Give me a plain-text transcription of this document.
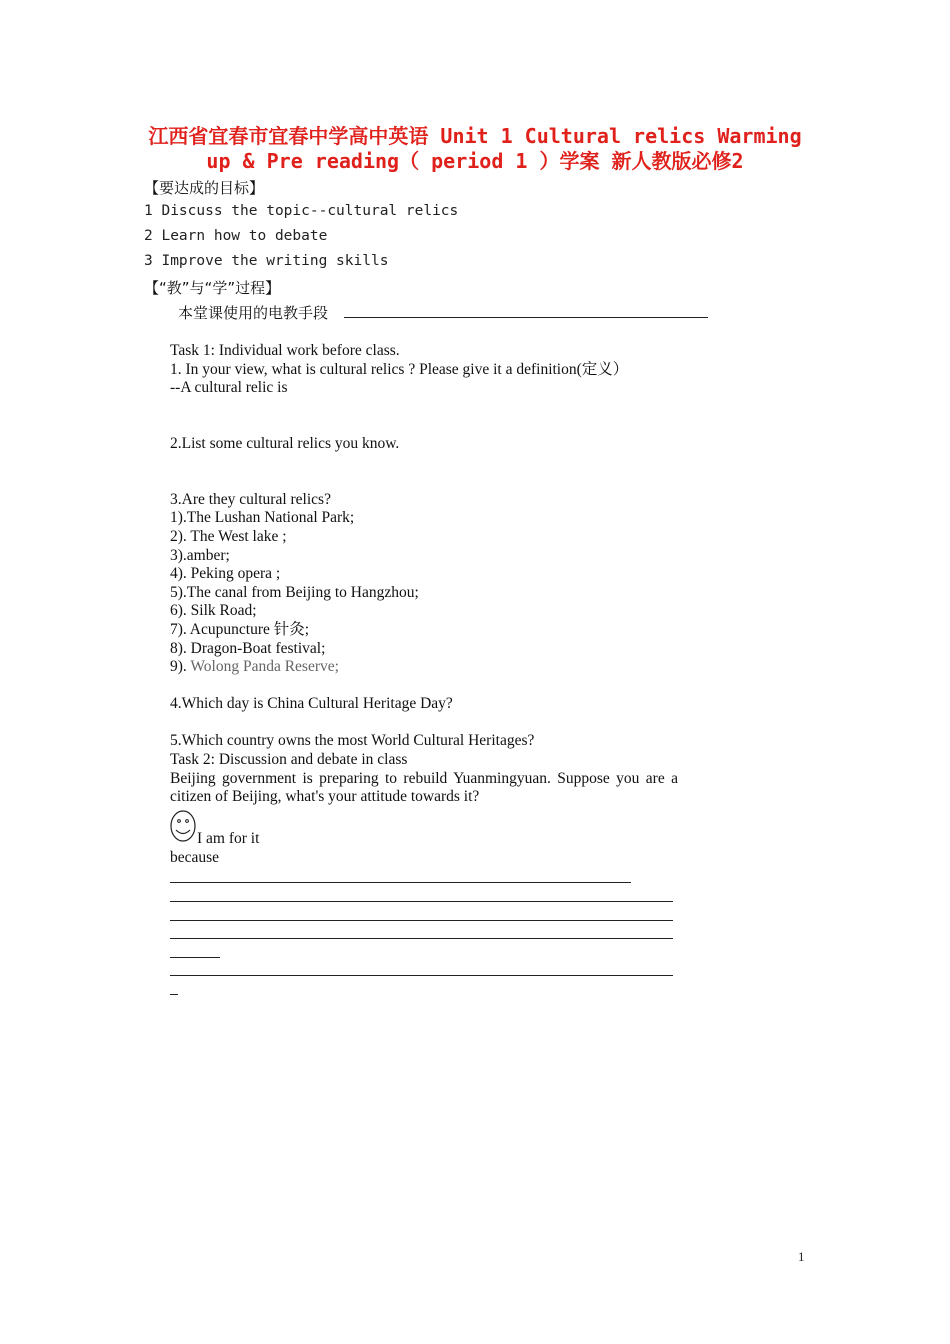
江西省宜春市宜春中学高中英语 Unit 1 Cultural relics Warming
up & Pre reading（ period 1 ）学案 新人教版必修2
【要达成的目标】
1 Discuss the topic--cultural relics
2 Learn how to debate
3 Improve the writing skills
【“教”与“学”过程】
本堂课使用的电教手段
Task 1: Individual work before class.
1. In your view, what is cultural relics ? Please give it a definition(定义）
--A cultural relic is
2.List some cultural relics you know.
3.Are they cultural relics?
1).The Lushan National Park;
2). The West lake ;
3).amber;
4). Peking opera ;
5).The canal from Beijing to Hangzhou;
6). Silk Road;
7). Acupuncture 针灸;
8). Dragon-Boat festival;
9). Wolong Panda Reserve;
4.Which day is China Cultural Heritage Day?
5.Which country owns the most World Cultural Heritages?
Task 2: Discussion and debate in class
Beijing government is preparing to rebuild Yuanmingyuan. Suppose you are a citizen of Beijing, what's your attitude towards it?
I am for it
because
1
